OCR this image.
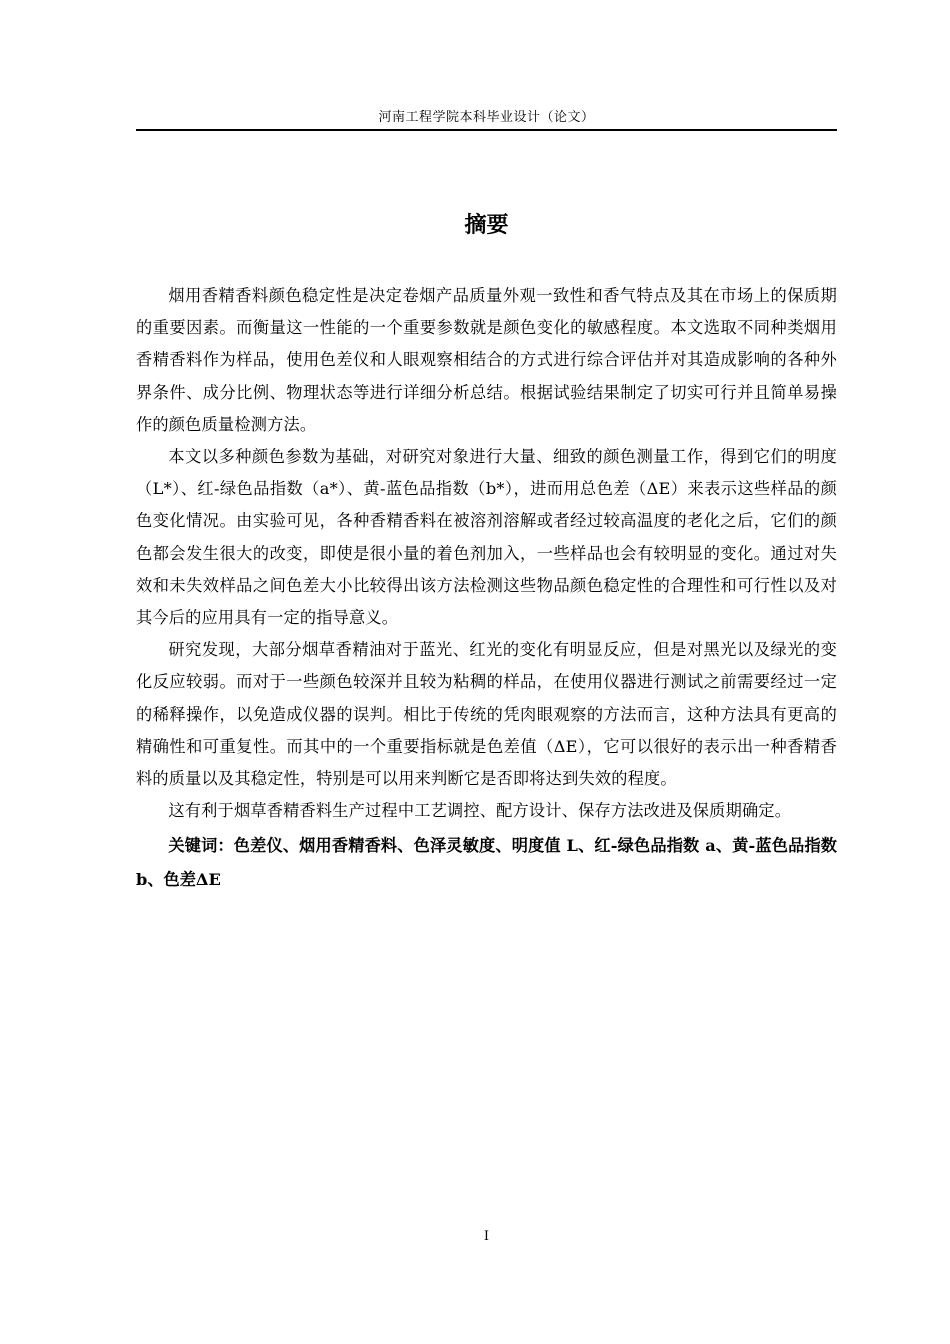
河南工程学院本科毕业设计（论文）
摘要

烟用香精香料颜色稳定性是决定卷烟产品质量外观一致性和香气特点及其在市场上的保质期的重要因素。而衡量这一性能的一个重要参数就是颜色变化的敏感程度。本文选取不同种类烟用香精香料作为样品，使用色差仪和人眼观察相结合的方式进行综合评估并对其造成影响的各种外界条件、成分比例、物理状态等进行详细分析总结。根据试验结果制定了切实可行并且简单易操作的颜色质量检测方法。

本文以多种颜色参数为基础，对研究对象进行大量、细致的颜色测量工作，得到它们的明度（L*）、红-绿色品指数（a*）、黄-蓝色品指数（b*），进而用总色差（ΔE）来表示这些样品的颜色变化情况。由实验可见，各种香精香料在被溶剂溶解或者经过较高温度的老化之后，它们的颜色都会发生很大的改变，即使是很小量的着色剂加入，一些样品也会有较明显的变化。通过对失效和未失效样品之间色差大小比较得出该方法检测这些物品颜色稳定性的合理性和可行性以及对其今后的应用具有一定的指导意义。

研究发现，大部分烟草香精油对于蓝光、红光的变化有明显反应，但是对黑光以及绿光的变化反应较弱。而对于一些颜色较深并且较为粘稠的样品，在使用仪器进行测试之前需要经过一定的稀释操作，以免造成仪器的误判。相比于传统的凭肉眼观察的方法而言，这种方法具有更高的精确性和可重复性。而其中的一个重要指标就是色差值（ΔE），它可以很好的表示出一种香精香料的质量以及其稳定性，特别是可以用来判断它是否即将达到失效的程度。

这有利于烟草香精香料生产过程中工艺调控、配方设计、保存方法改进及保质期确定。

关键词：色差仪、烟用香精香料、色泽灵敏度、明度值 L、红-绿色品指数 a、黄-蓝色品指数 b、色差ΔE

I
